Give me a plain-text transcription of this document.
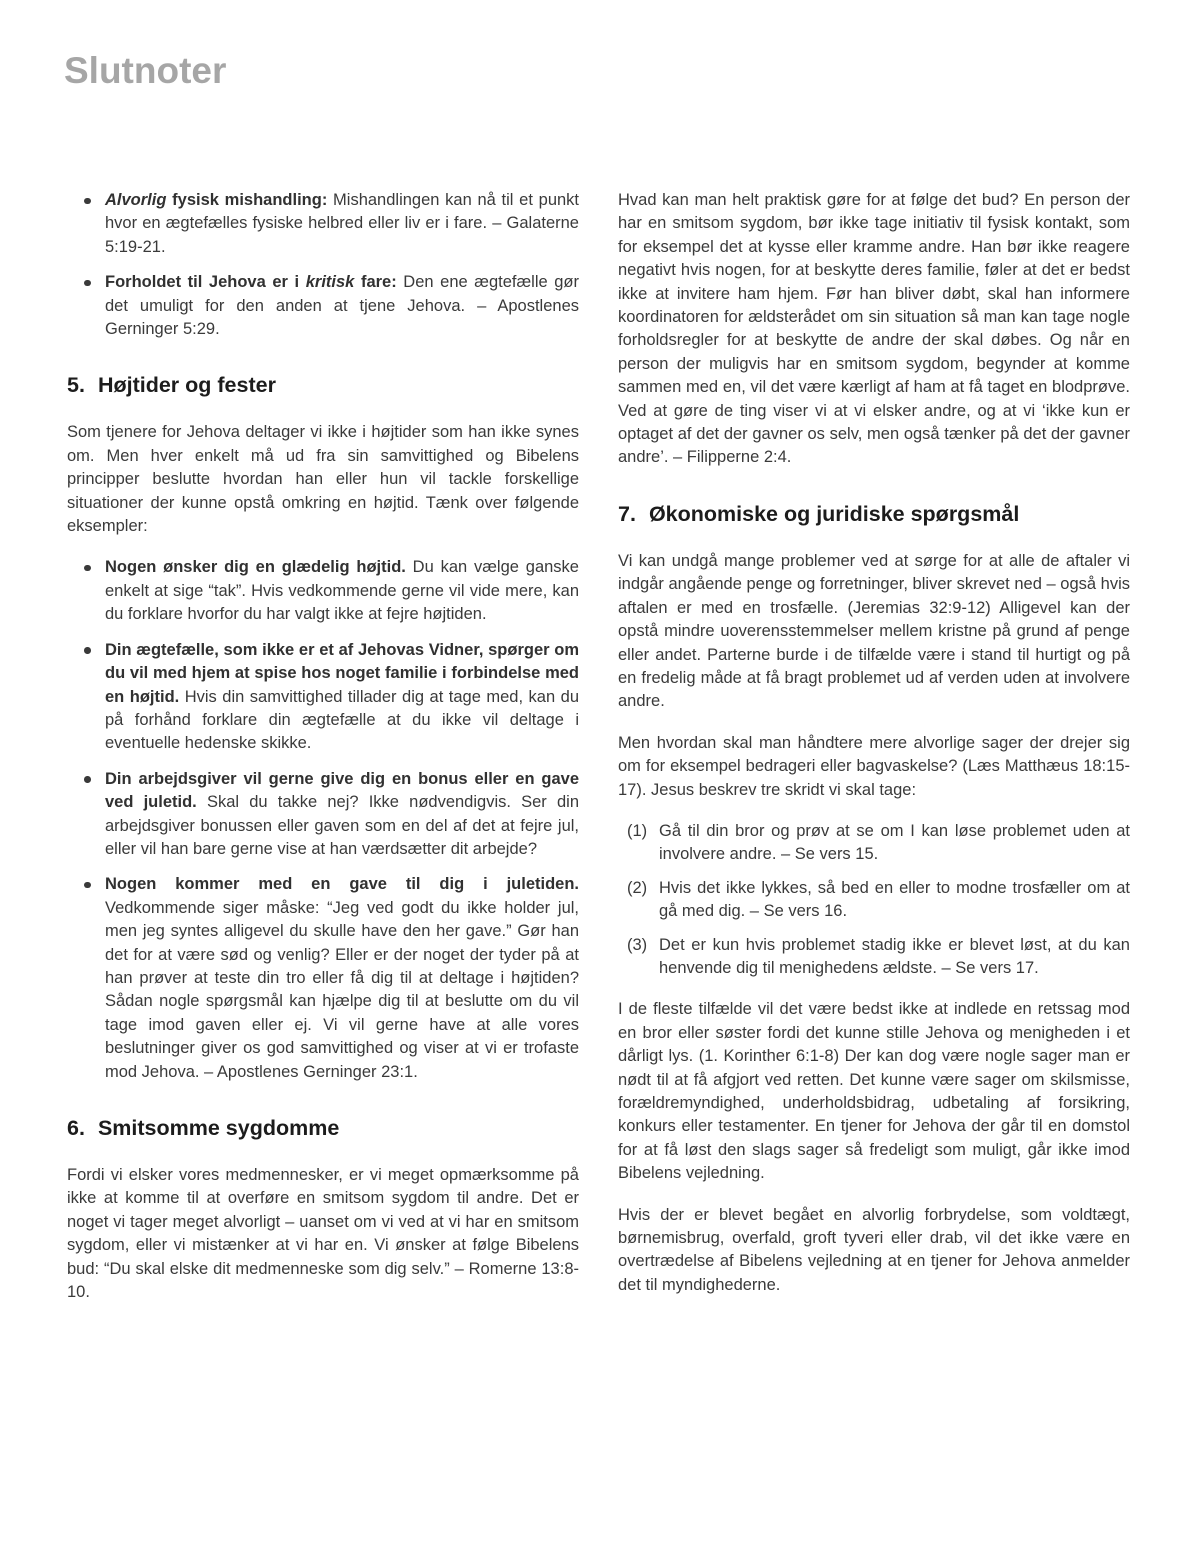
Slutnoter

Alvorlig fysisk mishandling: Mishandlingen kan nå til et punkt hvor en ægtefælles fysiske helbred eller liv er i fare. – Galaterne 5:19-21.

Forholdet til Jehova er i kritisk fare: Den ene ægtefælle gør det umuligt for den anden at tjene Jehova. – Apostlenes Gerninger 5:29.

5. Højtider og fester

Som tjenere for Jehova deltager vi ikke i højtider som han ikke synes om. Men hver enkelt må ud fra sin samvittighed og Bibelens principper beslutte hvordan han eller hun vil tackle forskellige situationer der kunne opstå omkring en højtid. Tænk over følgende eksempler:

Nogen ønsker dig en glædelig højtid. Du kan vælge ganske enkelt at sige “tak”. Hvis vedkommende gerne vil vide mere, kan du forklare hvorfor du har valgt ikke at fejre højtiden.

Din ægtefælle, som ikke er et af Jehovas Vidner, spørger om du vil med hjem at spise hos noget familie i forbindelse med en højtid. Hvis din samvittighed tillader dig at tage med, kan du på forhånd forklare din ægtefælle at du ikke vil deltage i eventuelle hedenske skikke.

Din arbejdsgiver vil gerne give dig en bonus eller en gave ved juletid. Skal du takke nej? Ikke nødvendigvis. Ser din arbejdsgiver bonussen eller gaven som en del af det at fejre jul, eller vil han bare gerne vise at han værdsætter dit arbejde?

Nogen kommer med en gave til dig i juletiden. Vedkommende siger måske: “Jeg ved godt du ikke holder jul, men jeg syntes alligevel du skulle have den her gave.” Gør han det for at være sød og venlig? Eller er der noget der tyder på at han prøver at teste din tro eller få dig til at deltage i højtiden? Sådan nogle spørgsmål kan hjælpe dig til at beslutte om du vil tage imod gaven eller ej. Vi vil gerne have at alle vores beslutninger giver os god samvittighed og viser at vi er trofaste mod Jehova. – Apostlenes Gerninger 23:1.

6. Smitsomme sygdomme

Fordi vi elsker vores medmennesker, er vi meget opmærksomme på ikke at komme til at overføre en smitsom sygdom til andre. Det er noget vi tager meget alvorligt – uanset om vi ved at vi har en smitsom sygdom, eller vi mistænker at vi har en. Vi ønsker at følge Bibelens bud: “Du skal elske dit medmenneske som dig selv.” – Romerne 13:8-10.

Hvad kan man helt praktisk gøre for at følge det bud? En person der har en smitsom sygdom, bør ikke tage initiativ til fysisk kontakt, som for eksempel det at kysse eller kramme andre. Han bør ikke reagere negativt hvis nogen, for at beskytte deres familie, føler at det er bedst ikke at invitere ham hjem. Før han bliver døbt, skal han informere koordinatoren for ældsterådet om sin situation så man kan tage nogle forholdsregler for at beskytte de andre der skal døbes. Og når en person der muligvis har en smitsom sygdom, begynder at komme sammen med en, vil det være kærligt af ham at få taget en blodprøve. Ved at gøre de ting viser vi at vi elsker andre, og at vi ‘ikke kun er optaget af det der gavner os selv, men også tænker på det der gavner andre’. – Filipperne 2:4.

7. Økonomiske og juridiske spørgsmål

Vi kan undgå mange problemer ved at sørge for at alle de aftaler vi indgår angående penge og forretninger, bliver skrevet ned – også hvis aftalen er med en trosfælle. (Jeremias 32:9-12) Alligevel kan der opstå mindre uoverensstemmelser mellem kristne på grund af penge eller andet. Parterne burde i de tilfælde være i stand til hurtigt og på en fredelig måde at få bragt problemet ud af verden uden at involvere andre.

Men hvordan skal man håndtere mere alvorlige sager der drejer sig om for eksempel bedrageri eller bagvaskelse? (Læs Matthæus 18:15-17). Jesus beskrev tre skridt vi skal tage:

(1) Gå til din bror og prøv at se om I kan løse problemet uden at involvere andre. – Se vers 15.

(2) Hvis det ikke lykkes, så bed en eller to modne trosfæller om at gå med dig. – Se vers 16.

(3) Det er kun hvis problemet stadig ikke er blevet løst, at du kan henvende dig til menighedens ældste. – Se vers 17.

I de fleste tilfælde vil det være bedst ikke at indlede en retssag mod en bror eller søster fordi det kunne stille Jehova og menigheden i et dårligt lys. (1. Korinther 6:1-8) Der kan dog være nogle sager man er nødt til at få afgjort ved retten. Det kunne være sager om skilsmisse, forældremyndighed, underholdsbidrag, udbetaling af forsikring, konkurs eller testamenter. En tjener for Jehova der går til en domstol for at få løst den slags sager så fredeligt som muligt, går ikke imod Bibelens vejledning.

Hvis der er blevet begået en alvorlig forbrydelse, som voldtægt, børnemisbrug, overfald, groft tyveri eller drab, vil det ikke være en overtrædelse af Bibelens vejledning at en tjener for Jehova anmelder det til myndighederne.
